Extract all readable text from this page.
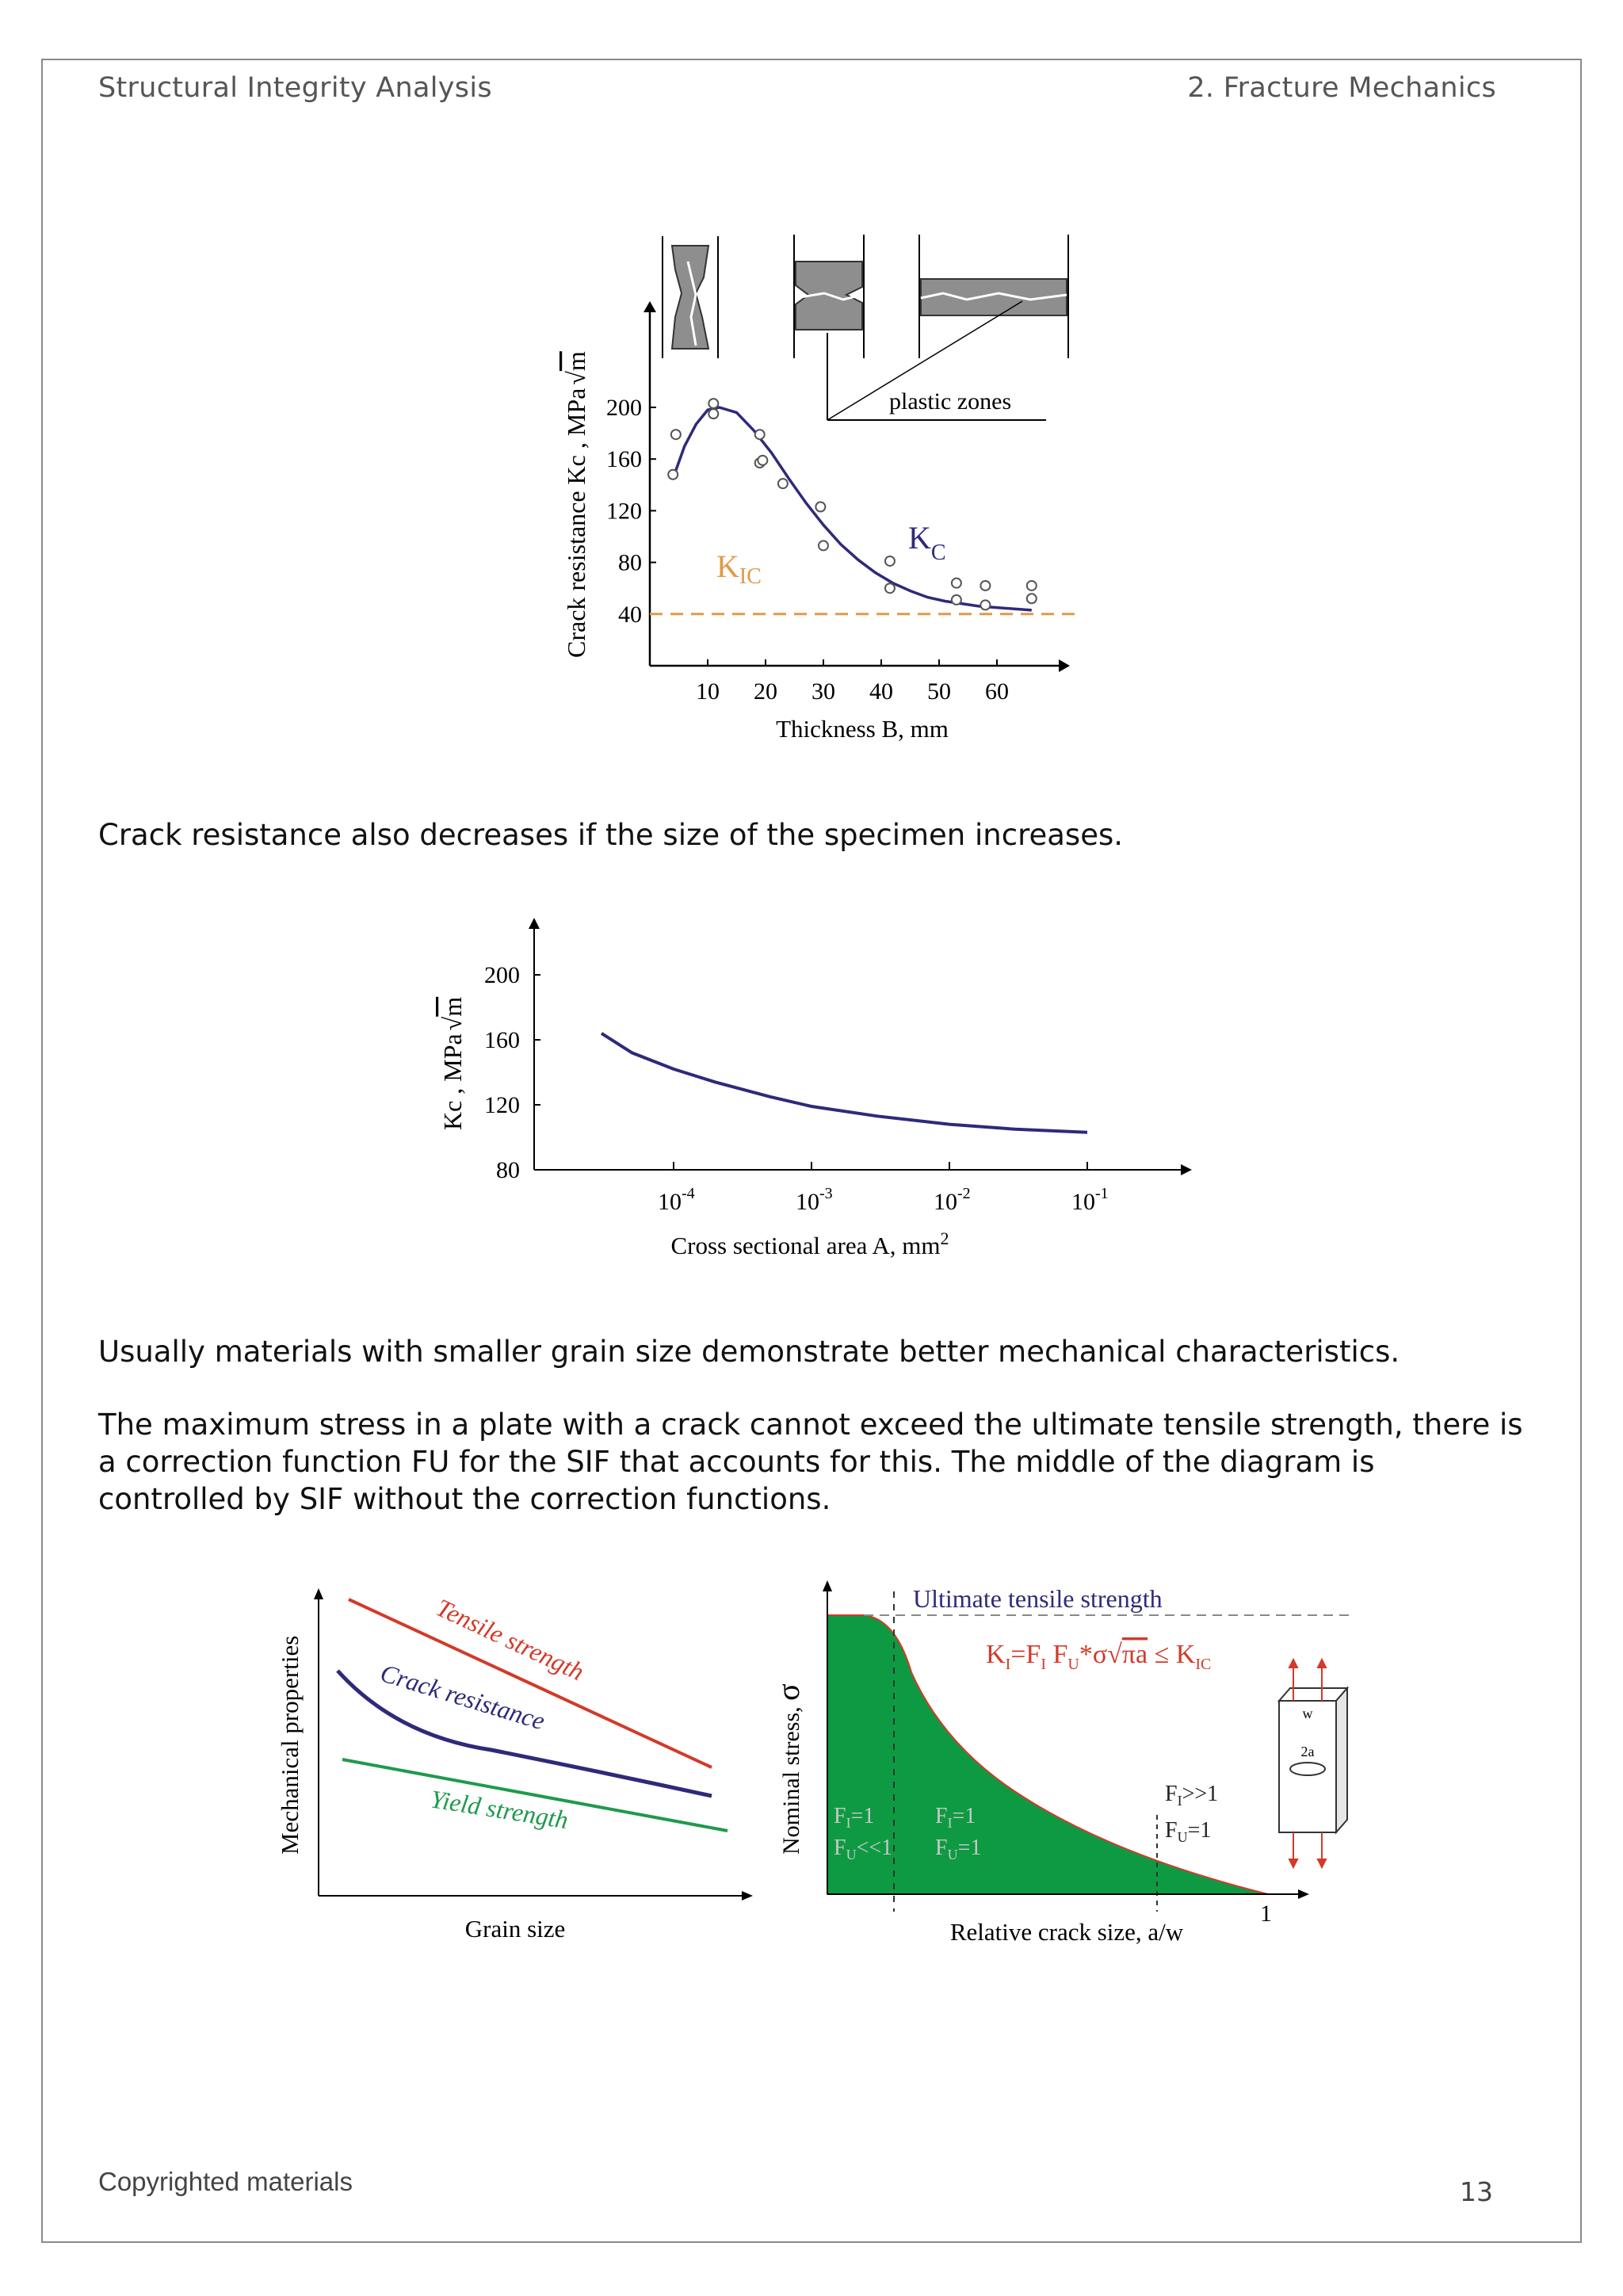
Structural Integrity Analysis	2. Fracture Mechanics
plastic zones
40
80
120
160
200
10 20 30 40 50 60
$K_{IC}$
$K_C$
Crack resistance Kc , MPa√m
Thickness B, mm
Crack resistance also decreases if the size of the specimen increases.
80
120
160
200
$10^{-4}$	$10^{-3}$	$10^{-2}$	$10^{-1}$
Kc , MPa√m
Cross sectional area A, $mm^2$
Usually materials with smaller grain size demonstrate better mechanical characteristics.
The maximum stress in a plate with a crack cannot exceed the ultimate tensile strength, there is a correction function FU for the SIF that accounts for this. The middle of the diagram is controlled by SIF without the correction functions.
Tensile strength
Crack resistance
Yield strength
Mechanical properties
Grain size
Ultimate tensile strength
$K_I=F_I$ $F_U*\sigma√\pi a \le K_{IC}$
$F_I=1$
$F_U<<1$
$F_I=1$
$F_U=1$
$F_I>>1$
$F_U=1$
1
Relative crack size, a/w
Nominal stress, σ
w
2a
Copyrighted materials	13
